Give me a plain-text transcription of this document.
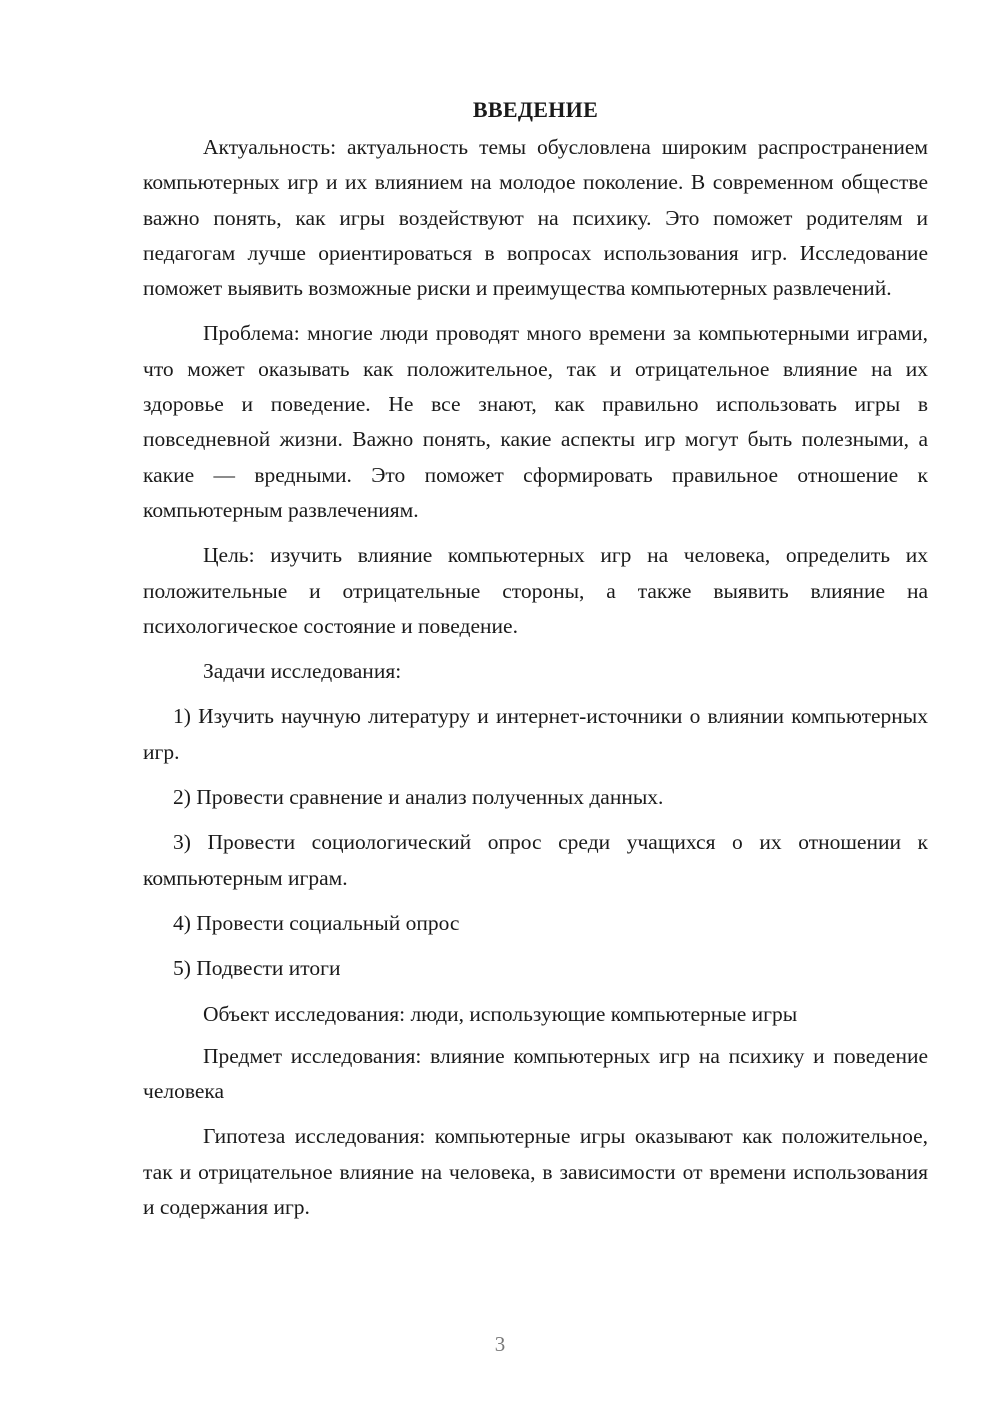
ВВЕДЕНИЕ

Актуальность: актуальность темы обусловлена широким распространением компьютерных игр и их влиянием на молодое поколение. В современном обществе важно понять, как игры воздействуют на психику. Это поможет родителям и педагогам лучше ориентироваться в вопросах использования игр. Исследование поможет выявить возможные риски и преимущества компьютерных развлечений.

Проблема: многие люди проводят много времени за компьютерными играми, что может оказывать как положительное, так и отрицательное влияние на их здоровье и поведение. Не все знают, как правильно использовать игры в повседневной жизни. Важно понять, какие аспекты игр могут быть полезными, а какие — вредными. Это поможет сформировать правильное отношение к компьютерным развлечениям.

Цель: изучить влияние компьютерных игр на человека, определить их положительные и отрицательные стороны, а также выявить влияние на психологическое состояние и поведение.

Задачи исследования:

1) Изучить научную литературу и интернет-источники о влиянии компьютерных игр.

2) Провести сравнение и анализ полученных данных.

3) Провести социологический опрос среди учащихся о их отношении к компьютерным играм.

4) Провести социальный опрос

5) Подвести итоги

Объект исследования: люди, использующие компьютерные игры

Предмет исследования: влияние компьютерных игр на психику и поведение человека

Гипотеза исследования: компьютерные игры оказывают как положительное, так и отрицательное влияние на человека, в зависимости от времени использования и содержания игр.

3
